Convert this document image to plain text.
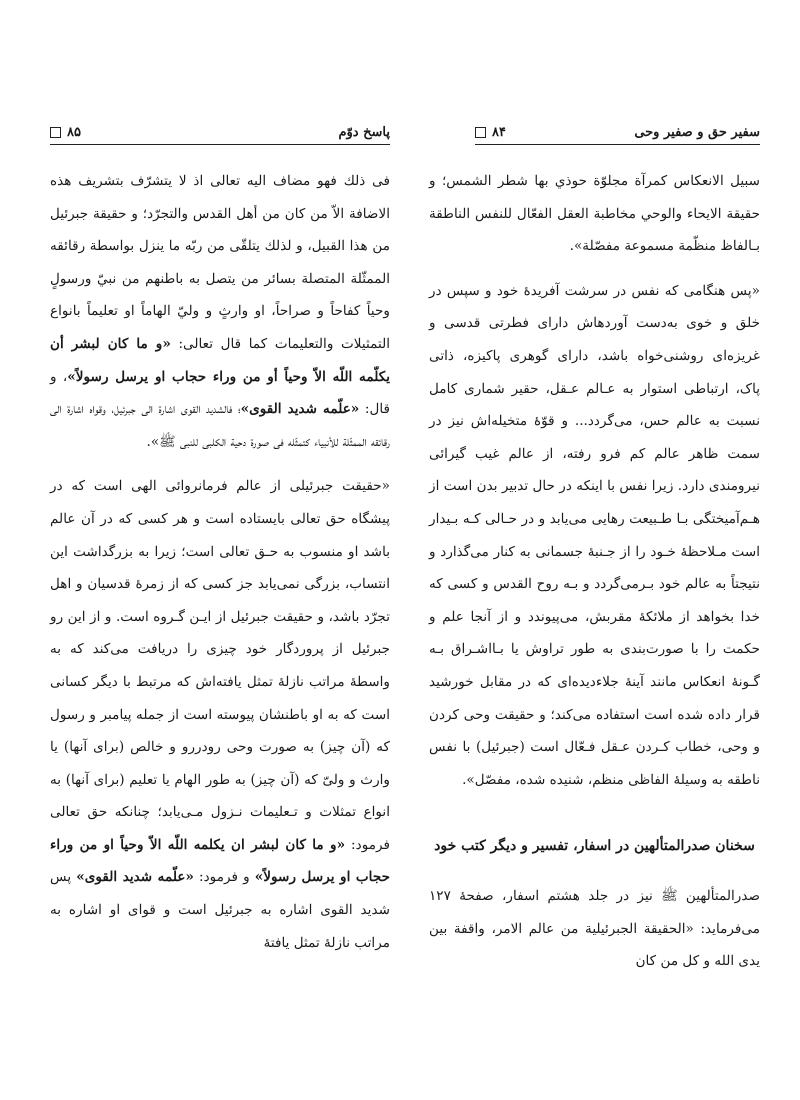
سفیر حق و صفیر وحی
۸۴

سبيل الانعكاس كمرآة مجلوّة حوذي بها شطر الشمس؛ و حقيقة الايحاء والوحي مخاطبة العقل الفعّال للنفس الناطقة بـالفاظ منظّمة مسموعة مفصّلة».

«پس هنگامی که نفس در سرشت آفریدهٔ خود و سپس در خلق و خوی به‌دست آوردهاش دارای فطرتی قدسی و غریزه‌ای روشنی‌خواه باشد، دارای گوهری پاکیزه، ذاتی پاک، ارتباطی استوار به عـالم عـقل، حقیر شماری کامل نسبت به عالم حس، می‌گردد... و قوّهٔ متخیله‌اش نیز در سمت ظاهر عالم کم فرو رفته، از عالم غیب گیرائی نیرومندی دارد. زیرا نفس با اینکه در حال تدبیر بدن است از هـم‌آمیختگی بـا طـبیعت رهایی می‌یابد و در حـالی کـه بـیدار است مـلاحظهٔ خـود را از جـنبهٔ جسمانی به کنار می‌گذارد و نتیجتاً به عالم خود بـرمی‌گردد و بـه روح القدس و کسی که خدا بخواهد از ملائکهٔ مقربش، می‌پیوندد و از آنجا علم و حکمت را با صورت‌بندی به طور تراوش یا بـااشـراق بـه گـونهٔ انعکاس مانند آینهٔ جلاءدیده‌ای که در مقابل خورشید قرار داده شده است استفاده می‌کند؛ و حقیقت وحی کردن و وحی، خطاب کـردن عـقل فـعّال است (جبرئیل) با نفس ناطقه به وسیلهٔ الفاظی منظم، شنیده شده، مفصّل».

سخنان صدرالمتألهین در اسفار، تفسیر و دیگر کتب خود

صدرالمتألهین ﷺ نیز در جلد هشتم اسفار، صفحهٔ ۱۲۷ می‌فرماید: «الحقيقة الجبرئيلية من عالم الامر، واقفة بين يدى الله و كل من كان

پاسخ دوّم
۸۵

فى ذلك فهو مضاف اليه تعالى اذ لا يتشرّف بتشريف هذه الاضافة الاّ من كان من أهل القدس والتجرّد؛ و حقيقة جبرئيل من هذا القبيل، و لذلك يتلقّى من ربّه ما ينزل بواسطة رقائقه الممثّلة المتصلة بسائر من يتصل به باطنهم من نبيّ ورسولٍ وحياً كفاحاً و صراحاً، او وارثٍ و وليّ الهاماً او تعليماً بانواع التمثيلات والتعليمات كما قال تعالى: «و ما كان لبشر أن يكلّمه اللّه الاّ وحياً أو من وراء حجاب او يرسل رسولاً»، و قال: «علّمه شديد القوى»؛ فالشديد القوى اشارة الى جبرئيل، وقواه اشارة الى رقائقه الممثّلة للأنبياء كتمثّله فى صورة دحية الكلبى للنبى ﷺ».

«حقیقت جبرئیلی از عالم فرمانروائی الهی است که در پیشگاه حق تعالی بایستاده است و هر کسی که در آن عالم باشد او منسوب به حـق تعالی است؛ زیرا به بزرگداشت این انتساب، بزرگی نمی‌یابد جز کسی که از زمرهٔ قدسیان و اهل تجرّد باشد، و حقیقت جبرئیل از ایـن گـروه است. و از این رو جبرئیل از پروردگار خود چیزی را دریافت می‌کند که به واسطهٔ مراتب نازلهٔ تمثل یافته‌اش که مرتبط با دیگر کسانی است که به او باطنشان پیوسته است از جمله پیامبر و رسول که (آن چیز) به صورت وحی رودررو و خالص (برای آنها) یا وارث و ولیّ که (آن چیز) به طور الهام یا تعلیم (برای آنها) به انواع تمثلات و تـعلیمات نـزول مـی‌یابد؛ چنانکه حق تعالی فرمود: «و ما كان لبشر ان يكلمه اللّه الاّ وحياً او من وراء حجاب او يرسل رسولاً» و فرمود: «علّمه شديد القوى» پس شدید القوی اشاره به جبرئیل است و قوای او اشاره به مراتب نازلهٔ تمثل یافتهٔ
